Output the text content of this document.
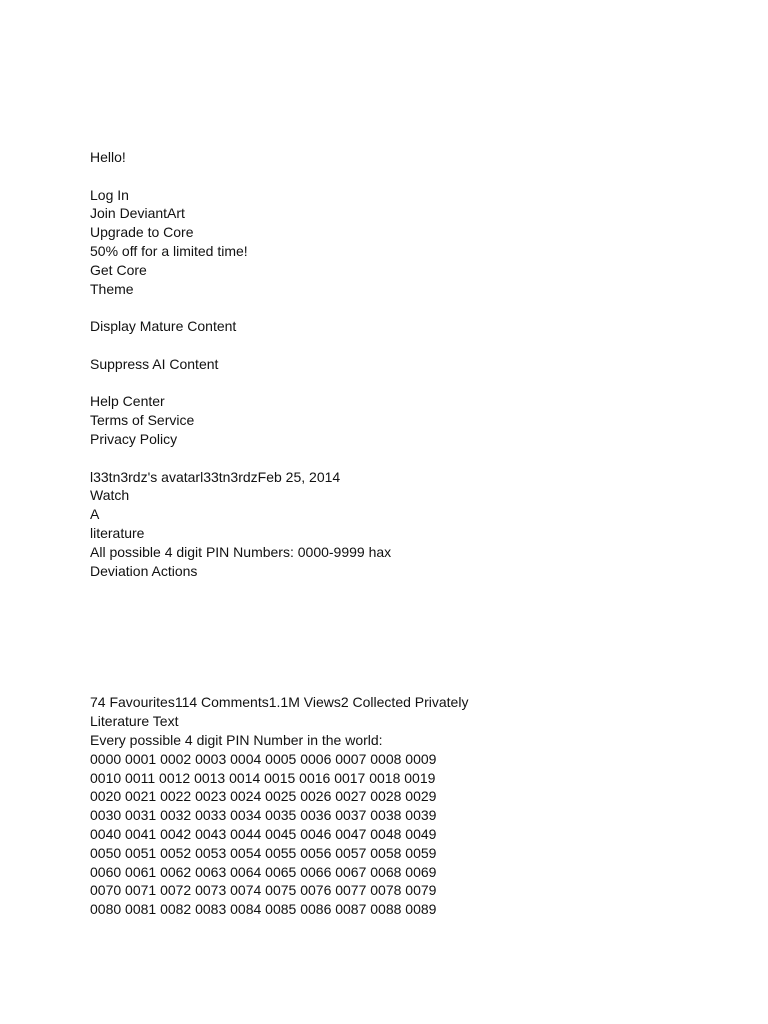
Hello!
Log In
Join DeviantArt
Upgrade to Core
50% off for a limited time!
Get Core
Theme
Display Mature Content
Suppress AI Content
Help Center
Terms of Service
Privacy Policy
l33tn3rdz's avatarl33tn3rdzFeb 25, 2014
Watch
A
literature
All possible 4 digit PIN Numbers: 0000-9999 hax
Deviation Actions
74 Favourites114 Comments1.1M Views2 Collected Privately
Literature Text
Every possible 4 digit PIN Number in the world:
0000 0001 0002 0003 0004 0005 0006 0007 0008 0009
0010 0011 0012 0013 0014 0015 0016 0017 0018 0019
0020 0021 0022 0023 0024 0025 0026 0027 0028 0029
0030 0031 0032 0033 0034 0035 0036 0037 0038 0039
0040 0041 0042 0043 0044 0045 0046 0047 0048 0049
0050 0051 0052 0053 0054 0055 0056 0057 0058 0059
0060 0061 0062 0063 0064 0065 0066 0067 0068 0069
0070 0071 0072 0073 0074 0075 0076 0077 0078 0079
0080 0081 0082 0083 0084 0085 0086 0087 0088 0089
